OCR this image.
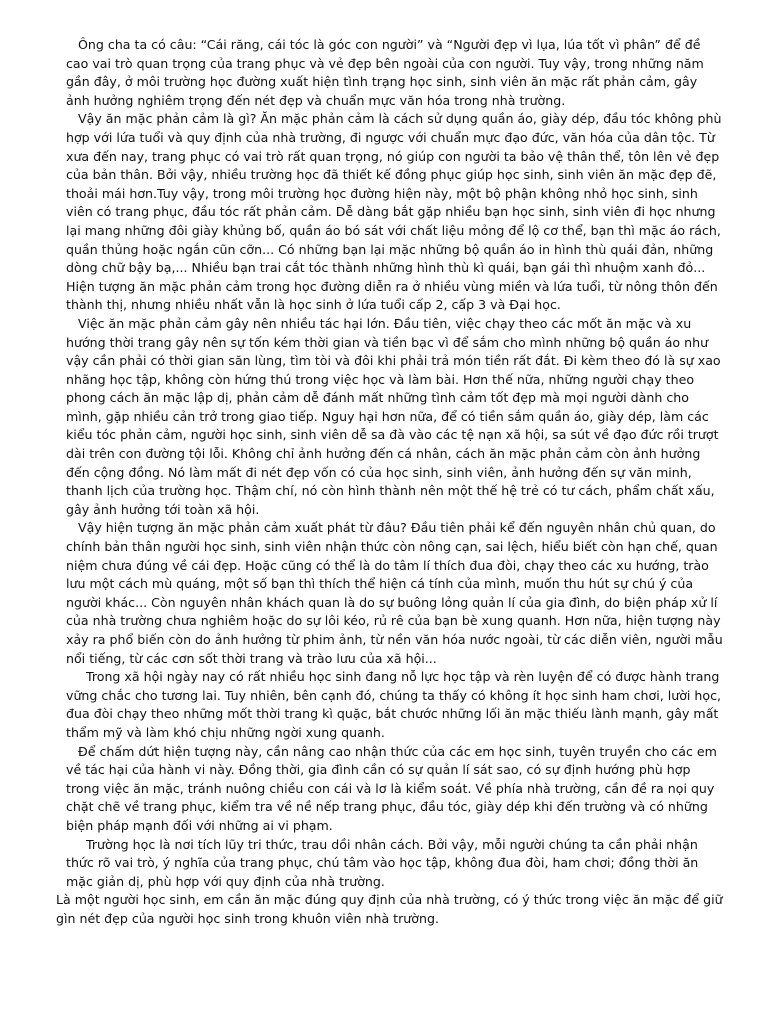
Ông cha ta có câu: “Cái răng, cái tóc là góc con người” và “Người đẹp vì lụa, lúa tốt vì phân” để đề cao vai trò quan trọng của trang phục và vẻ đẹp bên ngoài của con người. Tuy vậy, trong những năm gần đây, ở môi trường học đường xuất hiện tình trạng học sinh, sinh viên ăn mặc rất phản cảm, gây ảnh hưởng nghiêm trọng đến nét đẹp và chuẩn mực văn hóa trong nhà trường.

Vậy ăn mặc phản cảm là gì? Ăn mặc phản cảm là cách sử dụng quần áo, giày dép, đầu tóc không phù hợp với lứa tuổi và quy định của nhà trường, đi ngược với chuẩn mực đạo đức, văn hóa của dân tộc. Từ xưa đến nay, trang phục có vai trò rất quan trọng, nó giúp con người ta bảo vệ thân thể, tôn lên vẻ đẹp của bản thân. Bởi vậy, nhiều trường học đã thiết kế đồng phục giúp học sinh, sinh viên ăn mặc đẹp đẽ, thoải mái hơn.Tuy vậy, trong môi trường học đường hiện này, một bộ phận không nhỏ học sinh, sinh viên có trang phục, đầu tóc rất phản cảm. Dễ dàng bắt gặp nhiều bạn học sinh, sinh viên đi học nhưng lại mang những đôi giày khủng bố, quần áo bó sát với chất liệu mỏng để lộ cơ thể, bạn thì mặc áo rách, quần thủng hoặc ngắn cũn cỡn... Có những bạn lại mặc những bộ quần áo in hình thù quái đản, những dòng chữ bậy bạ,... Nhiều bạn trai cắt tóc thành những hình thù kì quái, bạn gái thì nhuộm xanh đỏ... Hiện tượng ăn mặc phản cảm trong học đường diễn ra ở nhiều vùng miền và lứa tuổi, từ nông thôn đến thành thị, nhưng nhiều nhất vẫn là học sinh ở lứa tuổi cấp 2, cấp 3 và Đại học.

Việc ăn mặc phản cảm gây nên nhiều tác hại lớn. Đầu tiên, việc chạy theo các mốt ăn mặc và xu hướng thời trang gây nên sự tốn kém thời gian và tiền bạc vì để sắm cho mình những bộ quần áo như vậy cần phải có thời gian săn lùng, tìm tòi và đôi khi phải trả món tiền rất đắt. Đi kèm theo đó là sự xao nhãng học tập, không còn hứng thú trong việc học và làm bài. Hơn thế nữa, những người chạy theo phong cách ăn mặc lập dị, phản cảm dễ đánh mất những tình cảm tốt đẹp mà mọi người dành cho mình, gặp nhiều cản trở trong giao tiếp. Nguy hại hơn nữa, để có tiền sắm quần áo, giày dép, làm các kiểu tóc phản cảm, người học sinh, sinh viên dễ sa đà vào các tệ nạn xã hội, sa sút về đạo đức rồi trượt dài trên con đường tội lỗi. Không chỉ ảnh hưởng đến cá nhân, cách ăn mặc phản cảm còn ảnh hưởng đến cộng đồng. Nó làm mất đi nét đẹp vốn có của học sinh, sinh viên, ảnh hưởng đến sự văn minh, thanh lịch của trường học. Thậm chí, nó còn hình thành nên một thế hệ trẻ có tư cách, phẩm chất xấu, gây ảnh hưởng tới toàn xã hội.

Vậy hiện tượng ăn mặc phản cảm xuất phát từ đâu? Đầu tiên phải kể đến nguyên nhân chủ quan, do chính bản thân người học sinh, sinh viên nhận thức còn nông cạn, sai lệch, hiểu biết còn hạn chế, quan niệm chưa đúng về cái đẹp. Hoặc cũng có thể là do tâm lí thích đua đòi, chạy theo các xu hướng, trào lưu một cách mù quáng, một số bạn thì thích thể hiện cá tính của mình, muốn thu hút sự chú ý của người khác... Còn nguyên nhân khách quan là do sự buông lỏng quản lí của gia đình, do biện pháp xử lí của nhà trường chưa nghiêm hoặc do sự lôi kéo, rủ rê của bạn bè xung quanh. Hơn nữa, hiện tượng này xảy ra phổ biến còn do ảnh hưởng từ phim ảnh, từ nền văn hóa nước ngoài, từ các diễn viên, người mẫu nổi tiếng, từ các cơn sốt thời trang và trào lưu của xã hội...

Trong xã hội ngày nay có rất nhiều học sinh đang nỗ lực học tập và rèn luyện để có được hành trang vững chắc cho tương lai. Tuy nhiên, bên cạnh đó, chúng ta thấy có không ít học sinh ham chơi, lười học, đua đòi chạy theo những mốt thời trang kì quặc, bắt chước những lối ăn mặc thiếu lành mạnh, gây mất thẩm mỹ và làm khó chịu những ngời xung quanh.

Để chấm dứt hiện tượng này, cần nâng cao nhận thức của các em học sinh, tuyên truyền cho các em về tác hại của hành vi này. Đồng thời, gia đình cần có sự quản lí sát sao, có sự định hướng phù hợp trong việc ăn mặc, tránh nuông chiều con cái và lơ là kiểm soát. Về phía nhà trường, cần đề ra nọi quy chặt chẽ về trang phục, kiểm tra về nề nếp trang phục, đầu tóc, giày dép khi đến trường và có những biện pháp mạnh đối với những ai vi phạm.

Trường học là nơi tích lũy tri thức, trau dồi nhân cách. Bởi vậy, mỗi người chúng ta cần phải nhận thức rõ vai trò, ý nghĩa của trang phục, chú tâm vào học tập, không đua đòi, ham chơi; đồng thời ăn mặc giản dị, phù hợp với quy định của nhà trường.

Là một người học sinh, em cần ăn mặc đúng quy định của nhà trường, có ý thức trong việc ăn mặc để giữ gìn nét đẹp của người học sinh trong khuôn viên nhà trường.
